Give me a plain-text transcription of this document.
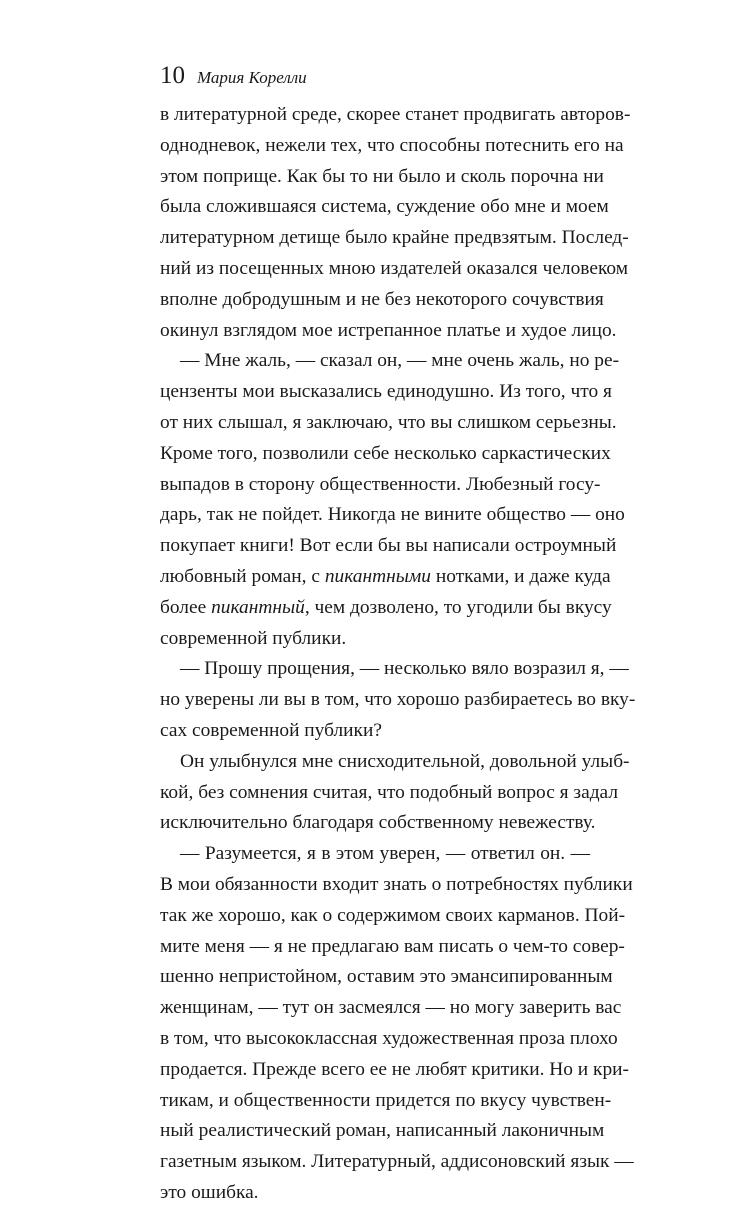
10 Мария Корелли
в литературной среде, скорее станет продвигать авторов-
однодневок, нежели тех, что способны потеснить его на
этом поприще. Как бы то ни было и сколь порочна ни
была сложившаяся система, суждение обо мне и моем
литературном детище было крайне предвзятым. Послед-
ний из посещенных мною издателей оказался человеком
вполне добродушным и не без некоторого сочувствия
окинул взглядом мое истрепанное платье и худое лицо.
— Мне жаль, — сказал он, — мне очень жаль, но ре-
цензенты мои высказались единодушно. Из того, что я
от них слышал, я заключаю, что вы слишком серьезны.
Кроме того, позволили себе несколько саркастических
выпадов в сторону общественности. Любезный госу-
дарь, так не пойдет. Никогда не вините общество — оно
покупает книги! Вот если бы вы написали остроумный
любовный роман, с пикантными нотками, и даже куда
более пикантный, чем дозволено, то угодили бы вкусу
современной публики.
— Прошу прощения, — несколько вяло возразил я, —
но уверены ли вы в том, что хорошо разбираетесь во вку-
сах современной публики?
Он улыбнулся мне снисходительной, довольной улыб-
кой, без сомнения считая, что подобный вопрос я задал
исключительно благодаря собственному невежеству.
— Разумеется, я в этом уверен, — ответил он. —
В мои обязанности входит знать о потребностях публики
так же хорошо, как о содержимом своих карманов. Пой-
мите меня — я не предлагаю вам писать о чем-то совер-
шенно непристойном, оставим это эмансипированным
женщинам, — тут он засмеялся — но могу заверить вас
в том, что высококлассная художественная проза плохо
продается. Прежде всего ее не любят критики. Но и кри-
тикам, и общественности придется по вкусу чувствен-
ный реалистический роман, написанный лаконичным
газетным языком. Литературный, аддисоновский язык —
это ошибка.
